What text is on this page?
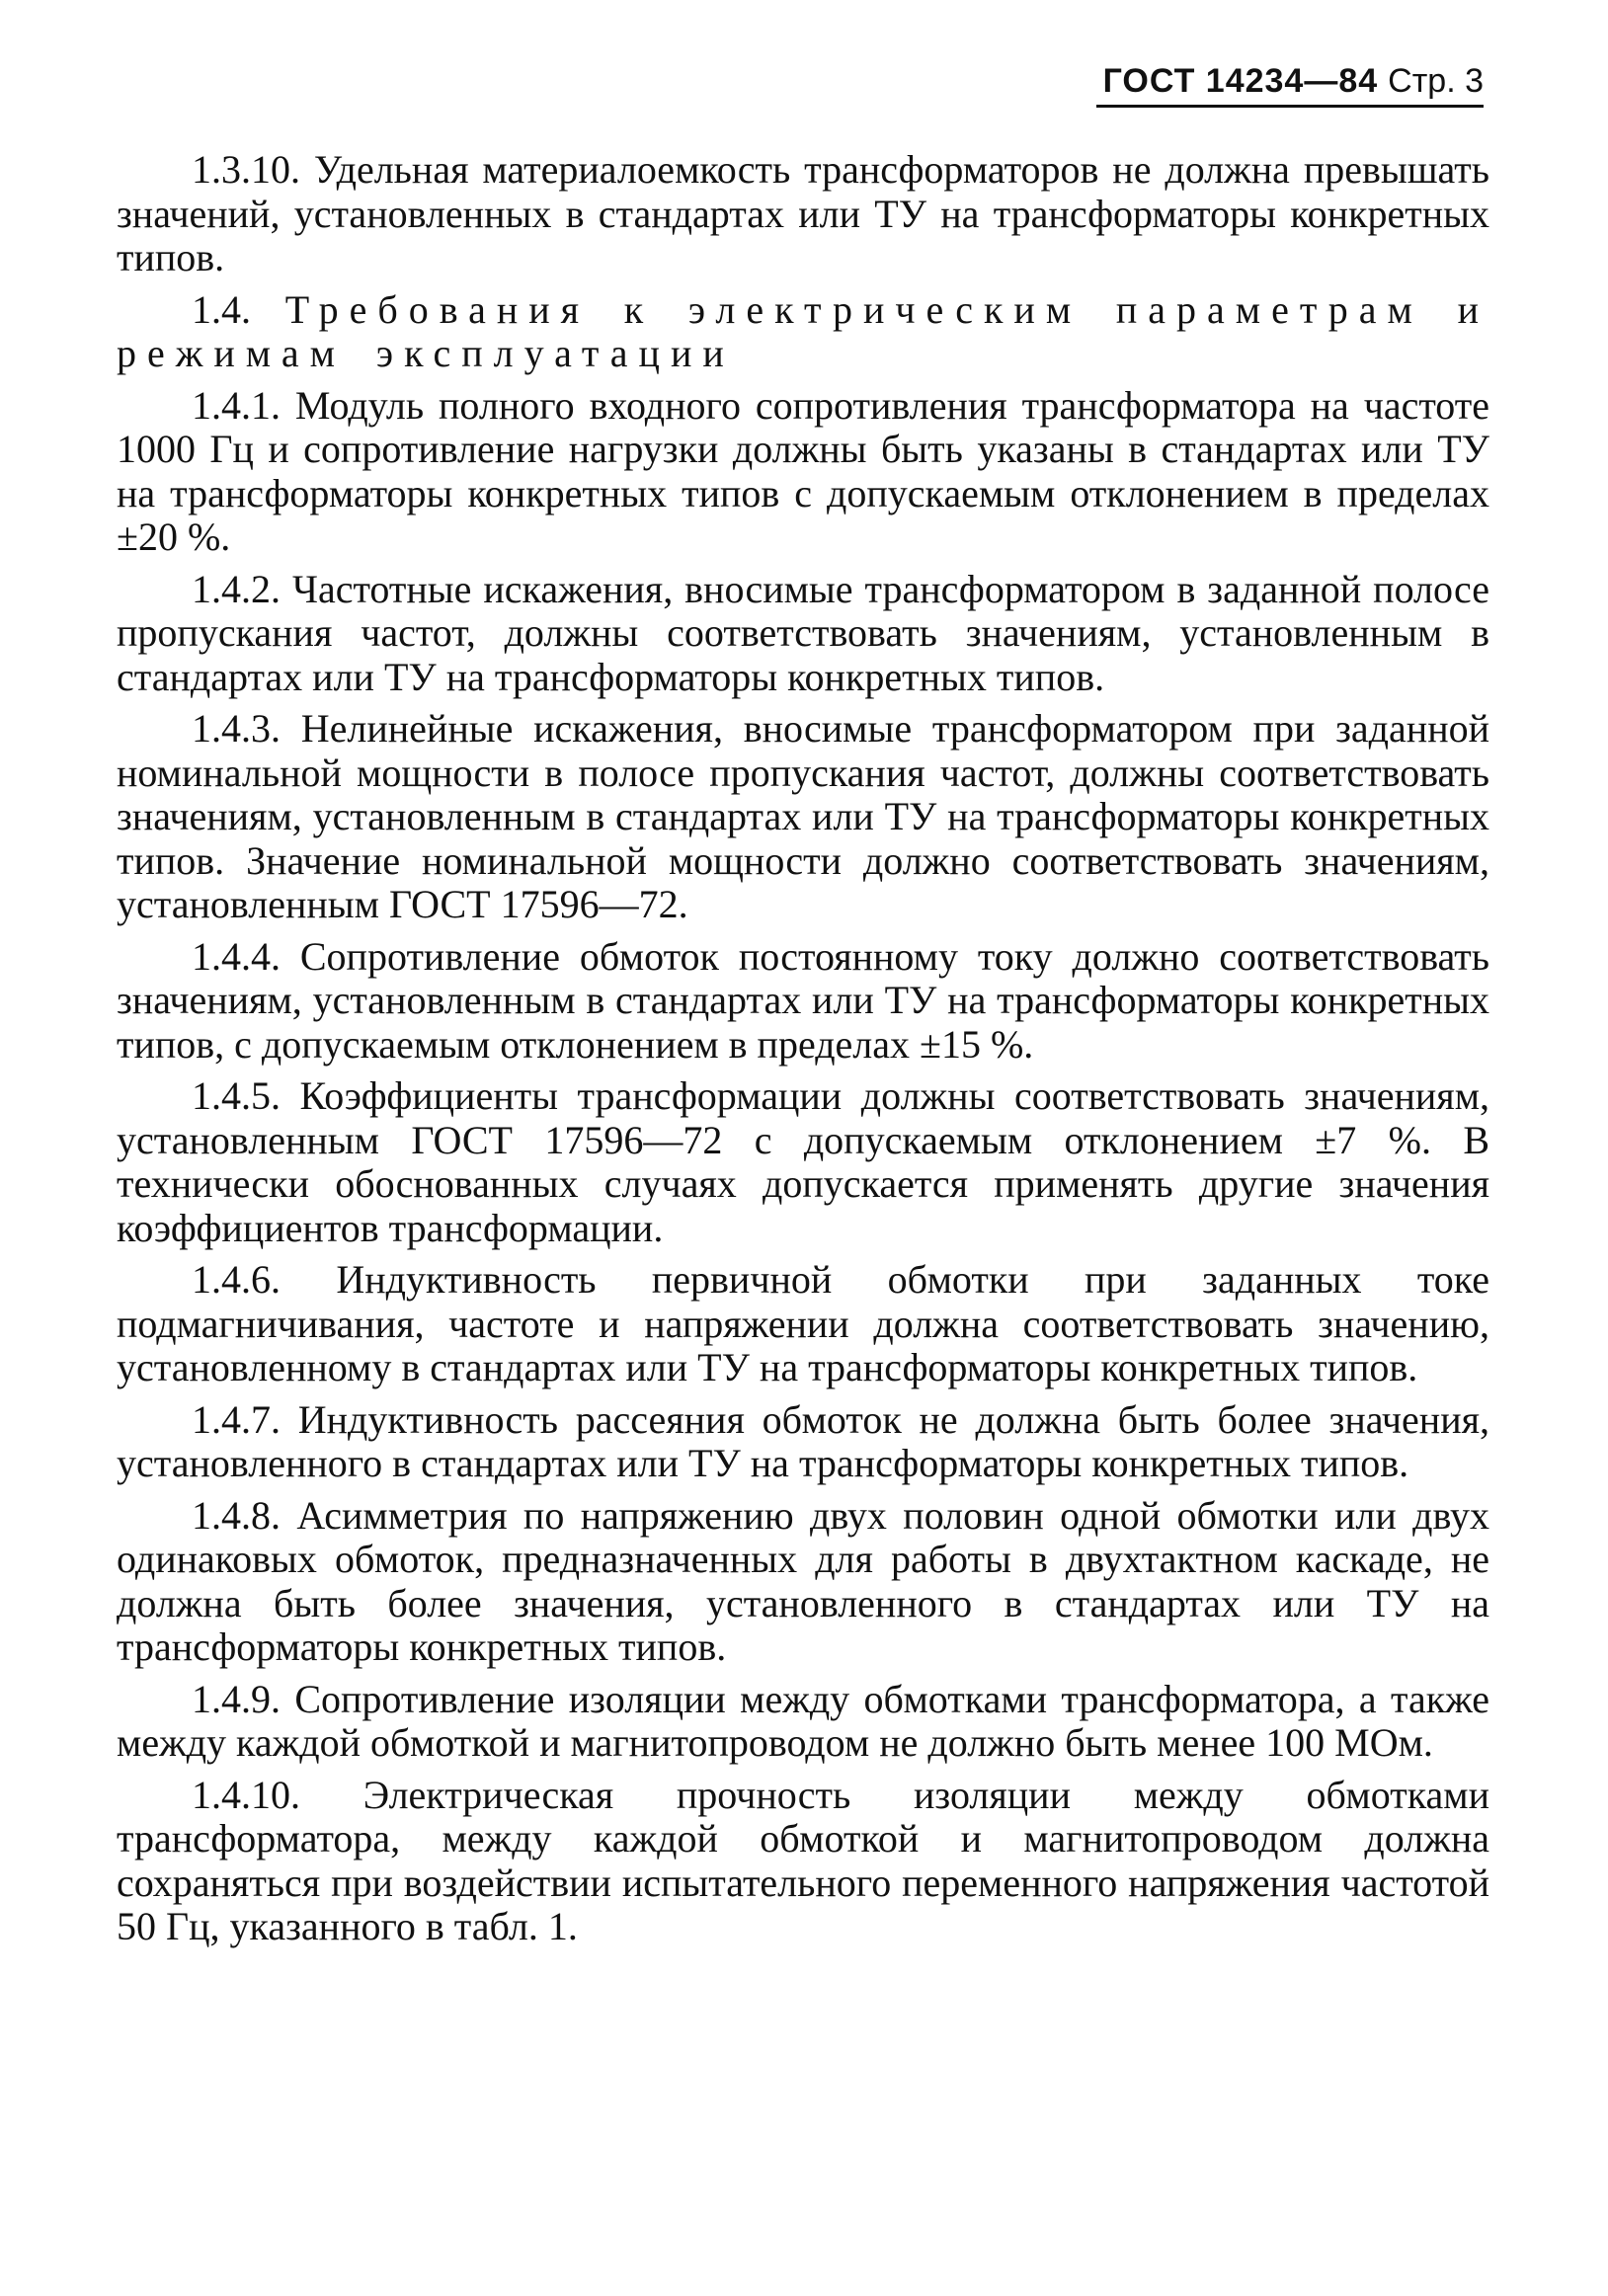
ГОСТ 14234—84 Стр. 3

1.3.10. Удельная материалоемкость трансформаторов не должна превышать значений, установленных в стандартах или ТУ на трансформаторы конкретных типов.

1.4. Требования к электрическим параметрам и режимам эксплуатации

1.4.1. Модуль полного входного сопротивления трансформатора на частоте 1000 Гц и сопротивление нагрузки должны быть указаны в стандартах или ТУ на трансформаторы конкретных типов с допускаемым отклонением в пределах ±20 %.

1.4.2. Частотные искажения, вносимые трансформатором в заданной полосе пропускания частот, должны соответствовать значениям, установленным в стандартах или ТУ на трансформаторы конкретных типов.

1.4.3. Нелинейные искажения, вносимые трансформатором при заданной номинальной мощности в полосе пропускания частот, должны соответствовать значениям, установленным в стандартах или ТУ на трансформаторы конкретных типов. Значение номинальной мощности должно соответствовать значениям, установленным ГОСТ 17596—72.

1.4.4. Сопротивление обмоток постоянному току должно соответствовать значениям, установленным в стандартах или ТУ на трансформаторы конкретных типов, с допускаемым отклонением в пределах ±15 %.

1.4.5. Коэффициенты трансформации должны соответствовать значениям, установленным ГОСТ 17596—72 с допускаемым отклонением ±7 %. В технически обоснованных случаях допускается применять другие значения коэффициентов трансформации.

1.4.6. Индуктивность первичной обмотки при заданных токе подмагничивания, частоте и напряжении должна соответствовать значению, установленному в стандартах или ТУ на трансформаторы конкретных типов.

1.4.7. Индуктивность рассеяния обмоток не должна быть более значения, установленного в стандартах или ТУ на трансформаторы конкретных типов.

1.4.8. Асимметрия по напряжению двух половин одной обмотки или двух одинаковых обмоток, предназначенных для работы в двухтактном каскаде, не должна быть более значения, установленного в стандартах или ТУ на трансформаторы конкретных типов.

1.4.9. Сопротивление изоляции между обмотками трансформатора, а также между каждой обмоткой и магнитопроводом не должно быть менее 100 МОм.

1.4.10. Электрическая прочность изоляции между обмотками трансформатора, между каждой обмоткой и магнитопроводом должна сохраняться при воздействии испытательного переменного напряжения частотой 50 Гц, указанного в табл. 1.
